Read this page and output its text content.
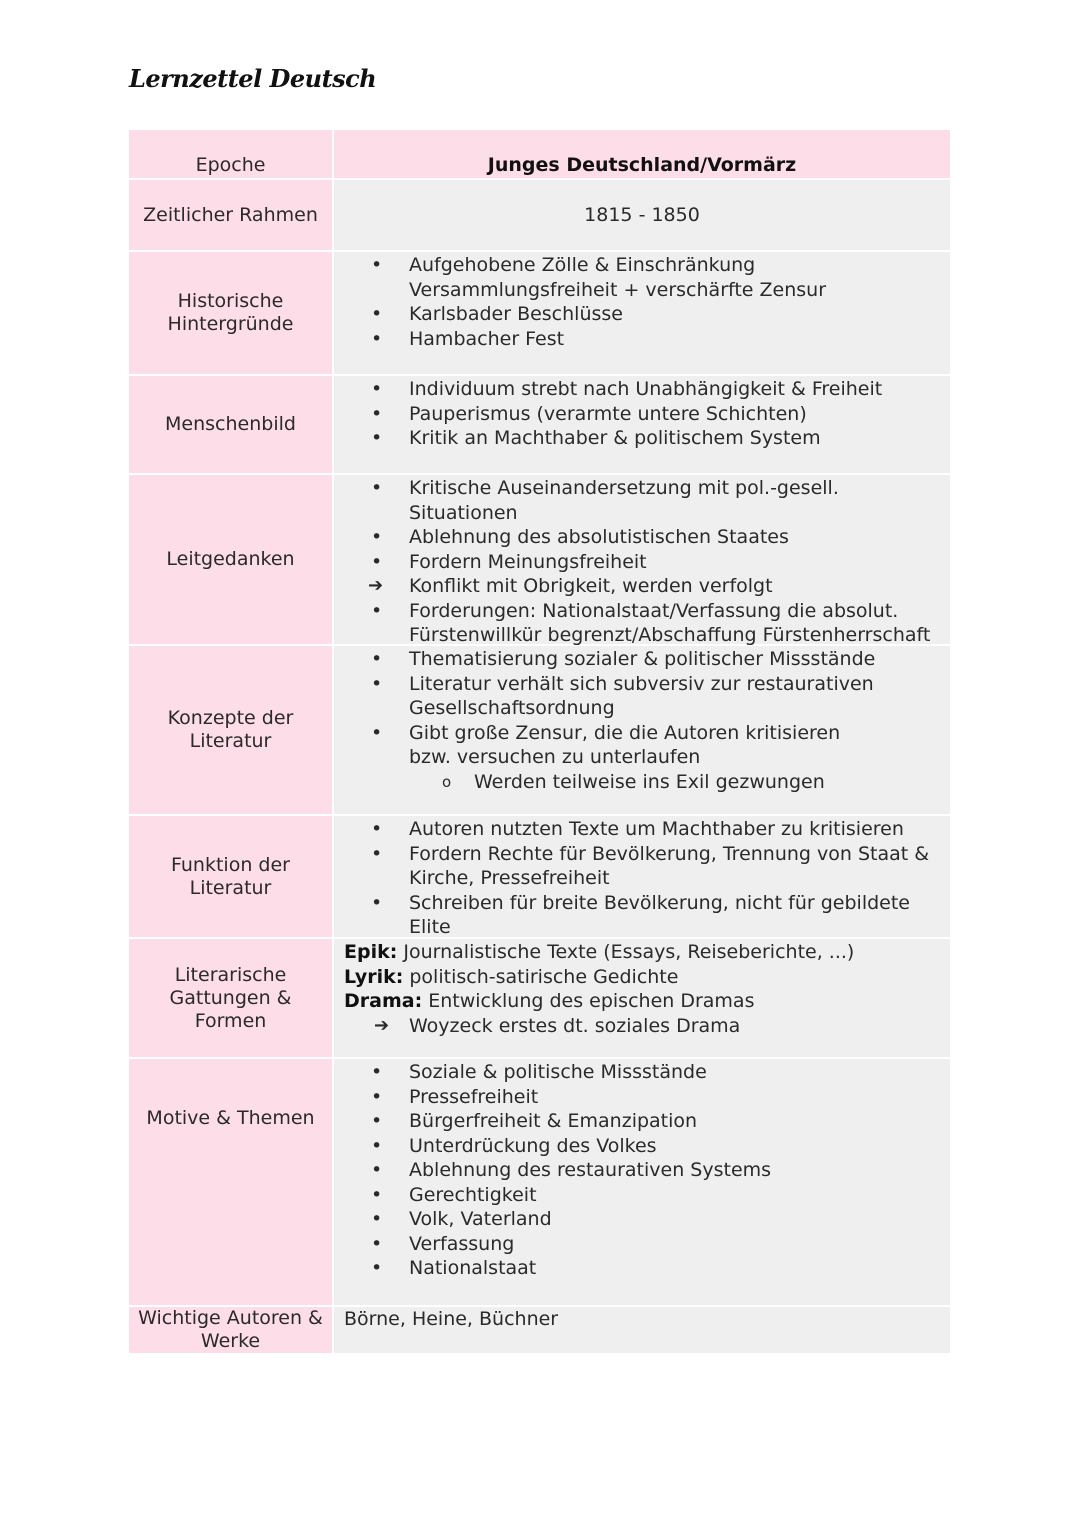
Lernzettel Deutsch
Epoche	Junges Deutschland/Vormärz
Zeitlicher Rahmen	1815 - 1850
Historische
Hintergründe
• Aufgehobene Zölle & Einschränkung Versammlungsfreiheit + verschärfte Zensur
• Karlsbader Beschlüsse
• Hambacher Fest
Menschenbild
• Individuum strebt nach Unabhängigkeit & Freiheit
• Pauperismus (verarmte untere Schichten)
• Kritik an Machthaber & politischem System
Leitgedanken
• Kritische Auseinandersetzung mit pol.-gesell. Situationen
• Ablehnung des absolutistischen Staates
• Fordern Meinungsfreiheit
➔ Konflikt mit Obrigkeit, werden verfolgt
• Forderungen: Nationalstaat/Verfassung die absolut. Fürstenwillkür begrenzt/Abschaffung Fürstenherrschaft
Konzepte der
Literatur
• Thematisierung sozialer & politischer Missstände
• Literatur verhält sich subversiv zur restaurativen Gesellschaftsordnung
• Gibt große Zensur, die die Autoren kritisieren bzw. versuchen zu unterlaufen
o Werden teilweise ins Exil gezwungen
Funktion der
Literatur
• Autoren nutzten Texte um Machthaber zu kritisieren
• Fordern Rechte für Bevölkerung, Trennung von Staat & Kirche, Pressefreiheit
• Schreiben für breite Bevölkerung, nicht für gebildete Elite
Literarische
Gattungen &
Formen
Epik: Journalistische Texte (Essays, Reiseberichte, ...)
Lyrik: politisch-satirische Gedichte
Drama: Entwicklung des epischen Dramas
➔ Woyzeck erstes dt. soziales Drama
Motive & Themen
• Soziale & politische Missstände
• Pressefreiheit
• Bürgerfreiheit & Emanzipation
• Unterdrückung des Volkes
• Ablehnung des restaurativen Systems
• Gerechtigkeit
• Volk, Vaterland
• Verfassung
• Nationalstaat
Wichtige Autoren &
Werke
Börne, Heine, Büchner
